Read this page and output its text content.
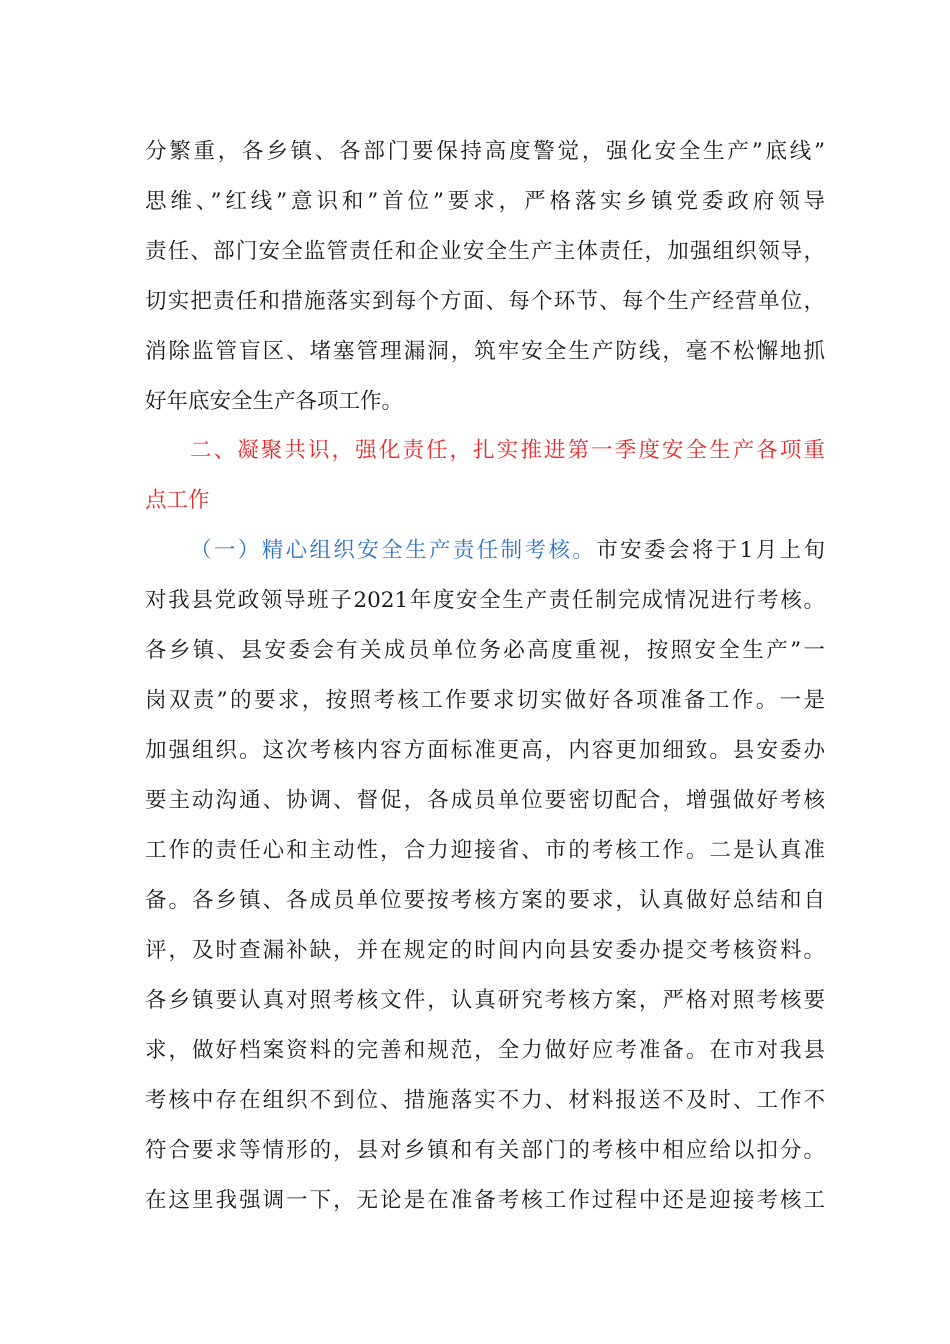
分繁重，各乡镇、各部门要保持高度警觉，强化安全生产”底线”
思维、”红线”意识和”首位”要求，严格落实乡镇党委政府领导
责任、部门安全监管责任和企业安全生产主体责任，加强组织领导，
切实把责任和措施落实到每个方面、每个环节、每个生产经营单位，
消除监管盲区、堵塞管理漏洞，筑牢安全生产防线，毫不松懈地抓
好年底安全生产各项工作。
二、凝聚共识，强化责任，扎实推进第一季度安全生产各项重
点工作
（一）精心组织安全生产责任制考核。市安委会将于1月上旬
对我县党政领导班子2021年度安全生产责任制完成情况进行考核。
各乡镇、县安委会有关成员单位务必高度重视，按照安全生产”一
岗双责”的要求，按照考核工作要求切实做好各项准备工作。一是
加强组织。这次考核内容方面标准更高，内容更加细致。县安委办
要主动沟通、协调、督促，各成员单位要密切配合，增强做好考核
工作的责任心和主动性，合力迎接省、市的考核工作。二是认真准
备。各乡镇、各成员单位要按考核方案的要求，认真做好总结和自
评，及时查漏补缺，并在规定的时间内向县安委办提交考核资料。
各乡镇要认真对照考核文件，认真研究考核方案，严格对照考核要
求，做好档案资料的完善和规范，全力做好应考准备。在市对我县
考核中存在组织不到位、措施落实不力、材料报送不及时、工作不
符合要求等情形的，县对乡镇和有关部门的考核中相应给以扣分。
在这里我强调一下，无论是在准备考核工作过程中还是迎接考核工
